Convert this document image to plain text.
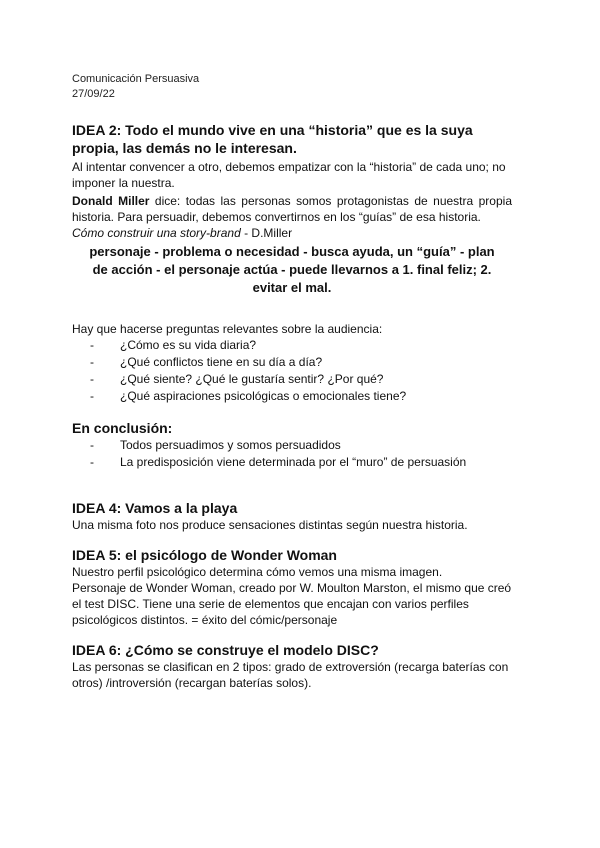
Comunicación Persuasiva
27/09/22
IDEA 2: Todo el mundo vive en una “historia” que es la suya propia, las demás no le interesan.

Al intentar convencer a otro, debemos empatizar con la “historia” de cada uno; no imponer la nuestra.

Donald Miller dice: todas las personas somos protagonistas de nuestra propia historia. Para persuadir, debemos convertirnos en los “guías” de esa historia.

Cómo construir una story-brand - D.Miller

personaje - problema o necesidad - busca ayuda, un “guía” - plan de acción - el personaje actúa - puede llevarnos a 1. final feliz; 2. evitar el mal.

Hay que hacerse preguntas relevantes sobre la audiencia:

- ¿Cómo es su vida diaria?
- ¿Qué conflictos tiene en su día a día?
- ¿Qué siente? ¿Qué le gustaría sentir? ¿Por qué?
- ¿Qué aspiraciones psicológicas o emocionales tiene?
En conclusión:
- Todos persuadimos y somos persuadidos
- La predisposición viene determinada por el “muro” de persuasión
IDEA 4: Vamos a la playa

Una misma foto nos produce sensaciones distintas según nuestra historia.

IDEA 5: el psicólogo de Wonder Woman

Nuestro perfil psicológico determina cómo vemos una misma imagen.

Personaje de Wonder Woman, creado por W. Moulton Marston, el mismo que creó el test DISC. Tiene una serie de elementos que encajan con varios perfiles psicológicos distintos. = éxito del cómic/personaje

IDEA 6: ¿Cómo se construye el modelo DISC?

Las personas se clasifican en 2 tipos: grado de extroversión (recarga baterías con otros) /introversión (recargan baterías solos).
